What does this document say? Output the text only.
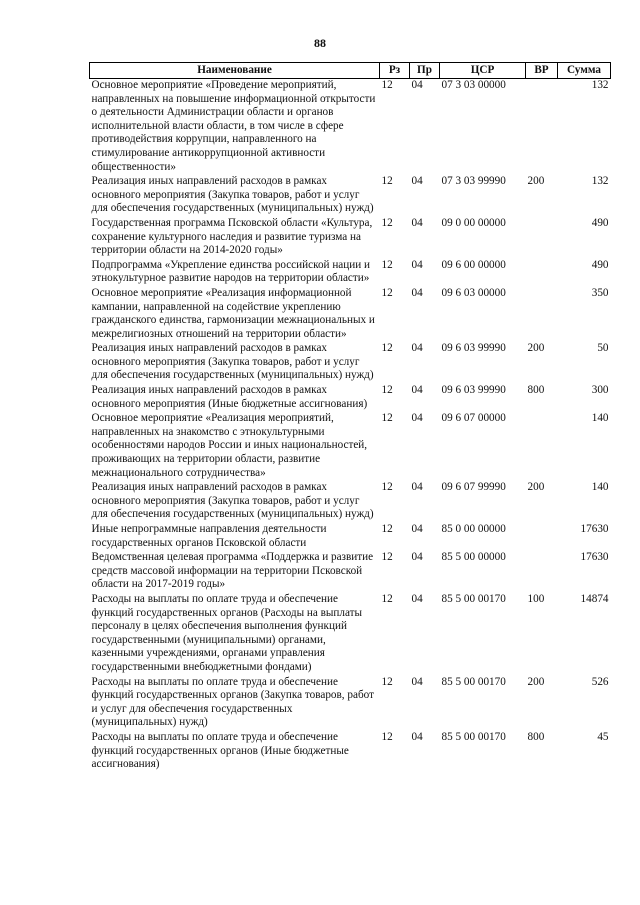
88
Наименование	Рз	Пр	ЦСР	ВР	Сумма
Основное мероприятие «Проведение мероприятий, направленных на повышение информационной открытости о деятельности Администрации области и органов исполнительной власти области, в том числе в сфере противодействия коррупции, направленного на стимулирование антикоррупционной активности общественности»	12	04	07 3 03 00000		132
Реализация иных направлений расходов в рамках основного мероприятия (Закупка товаров, работ и услуг для обеспечения государственных (муниципальных) нужд)	12	04	07 3 03 99990	200	132
Государственная программа Псковской области «Культура, сохранение культурного наследия и развитие туризма на территории области на 2014-2020 годы»	12	04	09 0 00 00000		490
Подпрограмма «Укрепление единства российской нации и этнокультурное развитие народов на территории области»	12	04	09 6 00 00000		490
Основное мероприятие «Реализация информационной кампании, направленной на содействие укреплению гражданского единства, гармонизации межнациональных и межрелигиозных отношений на территории области»	12	04	09 6 03 00000		350
Реализация иных направлений расходов в рамках основного мероприятия (Закупка товаров, работ и услуг для обеспечения государственных (муниципальных) нужд)	12	04	09 6 03 99990	200	50
Реализация иных направлений расходов в рамках основного мероприятия (Иные бюджетные ассигнования)	12	04	09 6 03 99990	800	300
Основное мероприятие «Реализация мероприятий, направленных на знакомство с этнокультурными особенностями народов России и иных национальностей, проживающих на территории области, развитие межнационального сотрудничества»	12	04	09 6 07 00000		140
Реализация иных направлений расходов в рамках основного мероприятия (Закупка товаров, работ и услуг для обеспечения государственных (муниципальных) нужд)	12	04	09 6 07 99990	200	140
Иные непрограммные направления деятельности государственных органов Псковской области	12	04	85 0 00 00000		17630
Ведомственная целевая программа «Поддержка и развитие средств массовой информации на территории Псковской области на 2017-2019 годы»	12	04	85 5 00 00000		17630
Расходы на выплаты по оплате труда и обеспечение функций государственных органов (Расходы на выплаты персоналу в целях обеспечения выполнения функций государственными (муниципальными) органами, казенными учреждениями, органами управления государственными внебюджетными фондами)	12	04	85 5 00 00170	100	14874
Расходы на выплаты по оплате труда и обеспечение функций государственных органов (Закупка товаров, работ и услуг для обеспечения государственных (муниципальных) нужд)	12	04	85 5 00 00170	200	526
Расходы на выплаты по оплате труда и обеспечение функций государственных органов (Иные бюджетные ассигнования)	12	04	85 5 00 00170	800	45
